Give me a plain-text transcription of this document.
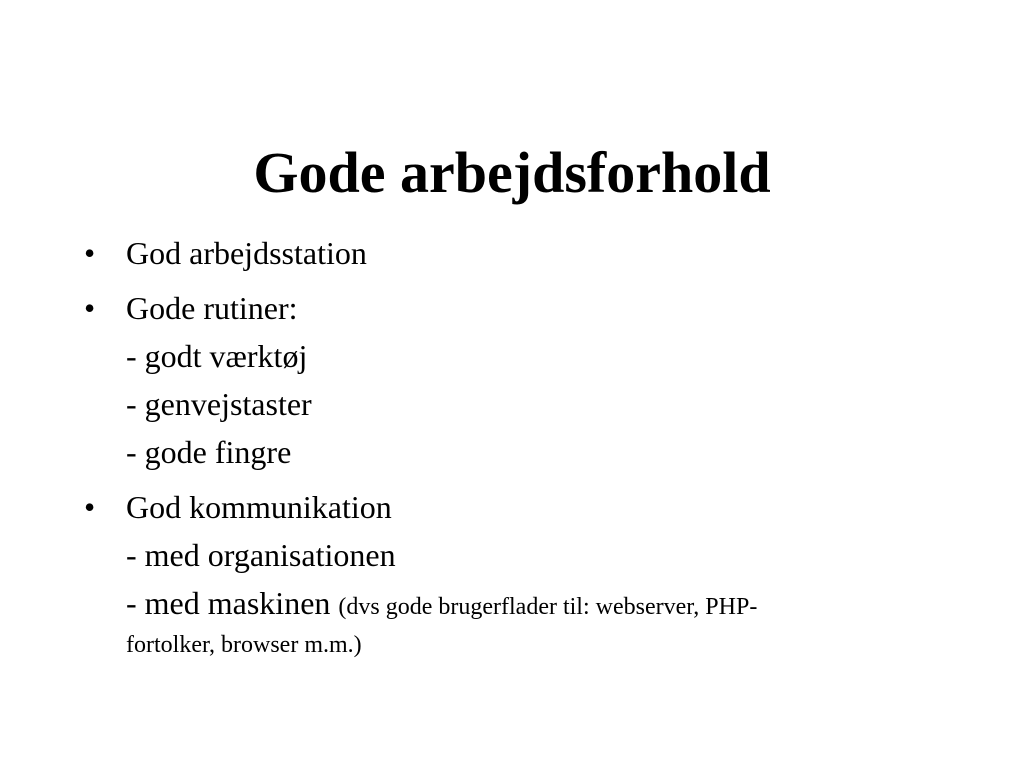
Gode arbejdsforhold
• God arbejdsstation
• Gode rutiner:
- godt værktøj
- genvejstaster
- gode fingre
• God kommunikation
- med organisationen
- med maskinen (dvs gode brugerflader til: webserver, PHP-
fortolker, browser m.m.)
